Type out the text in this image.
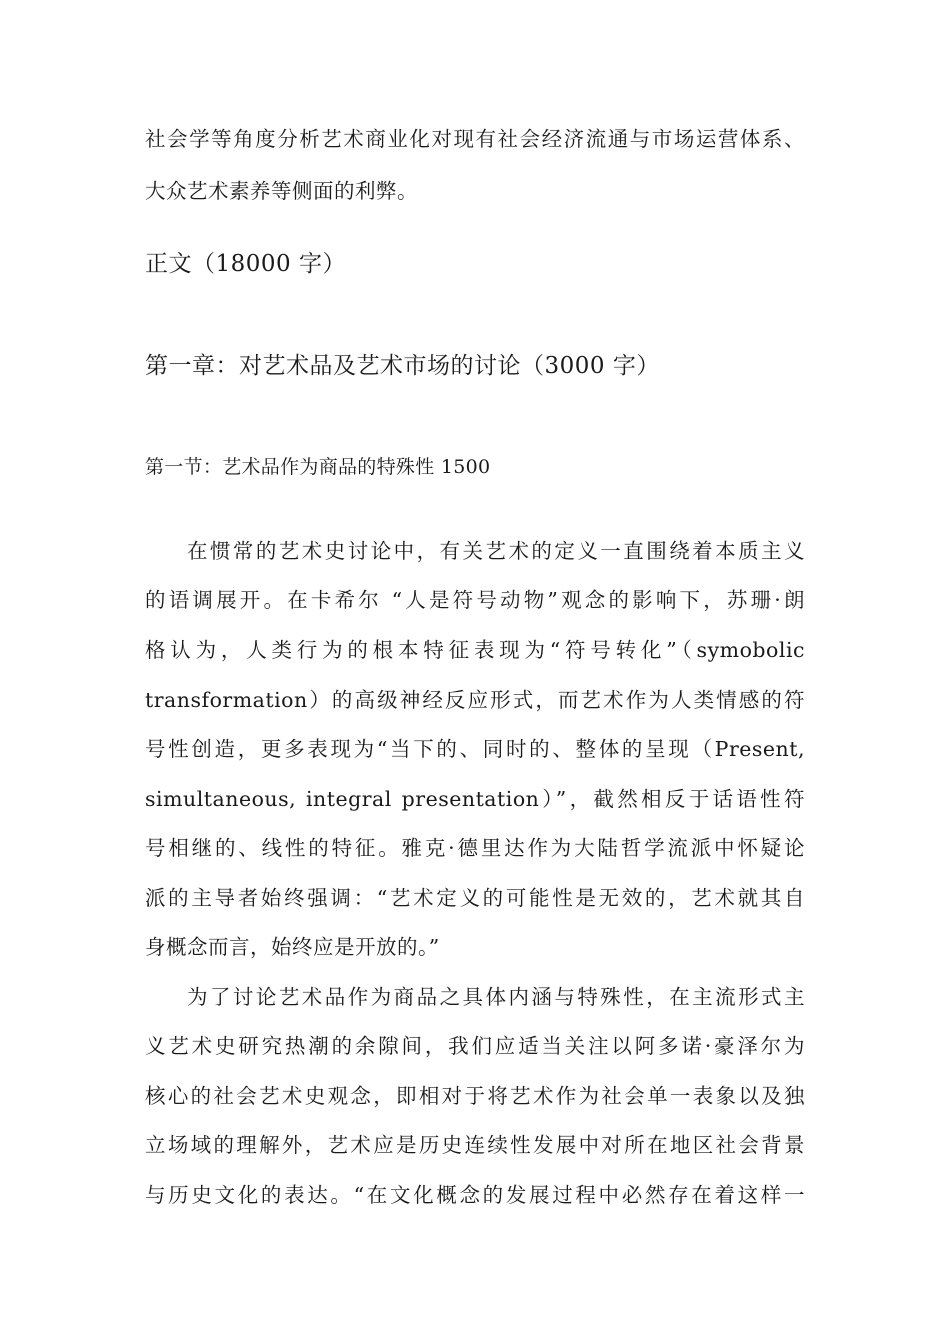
社会学等角度分析艺术商业化对现有社会经济流通与市场运营体系、
大众艺术素养等侧面的利弊。
正文（18000 字）
第一章：对艺术品及艺术市场的讨论（3000 字）
第一节：艺术品作为商品的特殊性 1500
在惯常的艺术史讨论中，有关艺术的定义一直围绕着本质主义
的语调展开。在卡希尔 “人是符号动物”观念的影响下，苏珊·朗
格认为，人类行为的根本特征表现为“符号转化”（symobolic
transformation）的高级神经反应形式，而艺术作为人类情感的符
号性创造，更多表现为“当下的、同时的、整体的呈现（Present,
simultaneous, integral presentation）”，截然相反于话语性符
号相继的、线性的特征。雅克·德里达作为大陆哲学流派中怀疑论
派的主导者始终强调：“艺术定义的可能性是无效的，艺术就其自
身概念而言，始终应是开放的。”
为了讨论艺术品作为商品之具体内涵与特殊性，在主流形式主
义艺术史研究热潮的余隙间，我们应适当关注以阿多诺·豪泽尔为
核心的社会艺术史观念，即相对于将艺术作为社会单一表象以及独
立场域的理解外，艺术应是历史连续性发展中对所在地区社会背景
与历史文化的表达。“在文化概念的发展过程中必然存在着这样一
